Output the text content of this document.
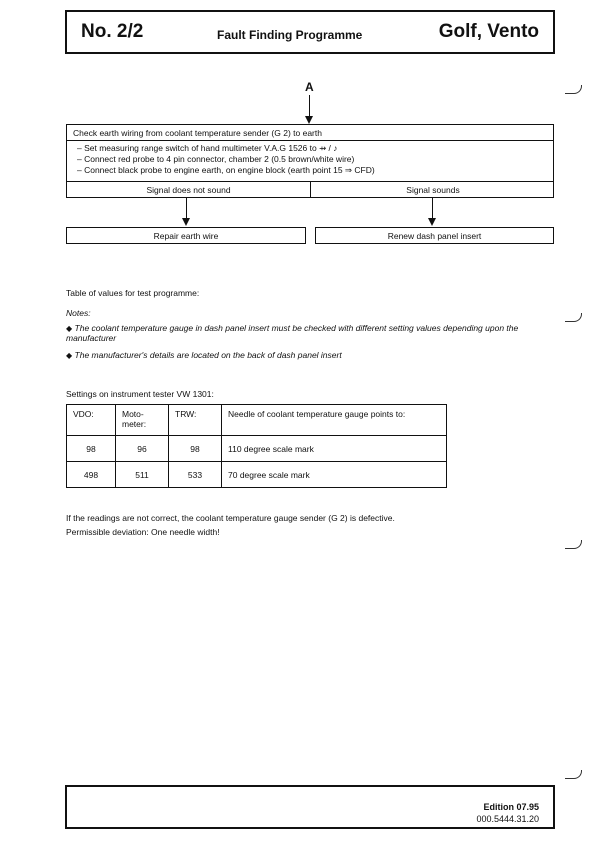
No. 2/2	Fault Finding Programme	Golf, Vento
A
Check earth wiring from coolant temperature sender (G 2) to earth
– Set measuring range switch of hand multimeter V.A.G 1526 to ⇸ / ♪
– Connect red probe to 4 pin connector, chamber 2 (0.5 brown/white wire)
– Connect black probe to engine earth, on engine block (earth point 15 ⇒ CFD)
Signal does not sound	Signal sounds
Repair earth wire	Renew dash panel insert
Table of values for test programme:
Notes:
◆ The coolant temperature gauge in dash panel insert must be checked with different setting values depending upon the manufacturer
◆ The manufacturer's details are located on the back of dash panel insert
Settings on instrument tester VW 1301:
VDO:	Moto-meter:	TRW:	Needle of coolant temperature gauge points to:
98	96	98	110 degree scale mark
498	511	533	70 degree scale mark
If the readings are not correct, the coolant temperature gauge sender (G 2) is defective.
Permissible deviation: One needle width!
Edition 07.95
000.5444.31.20
